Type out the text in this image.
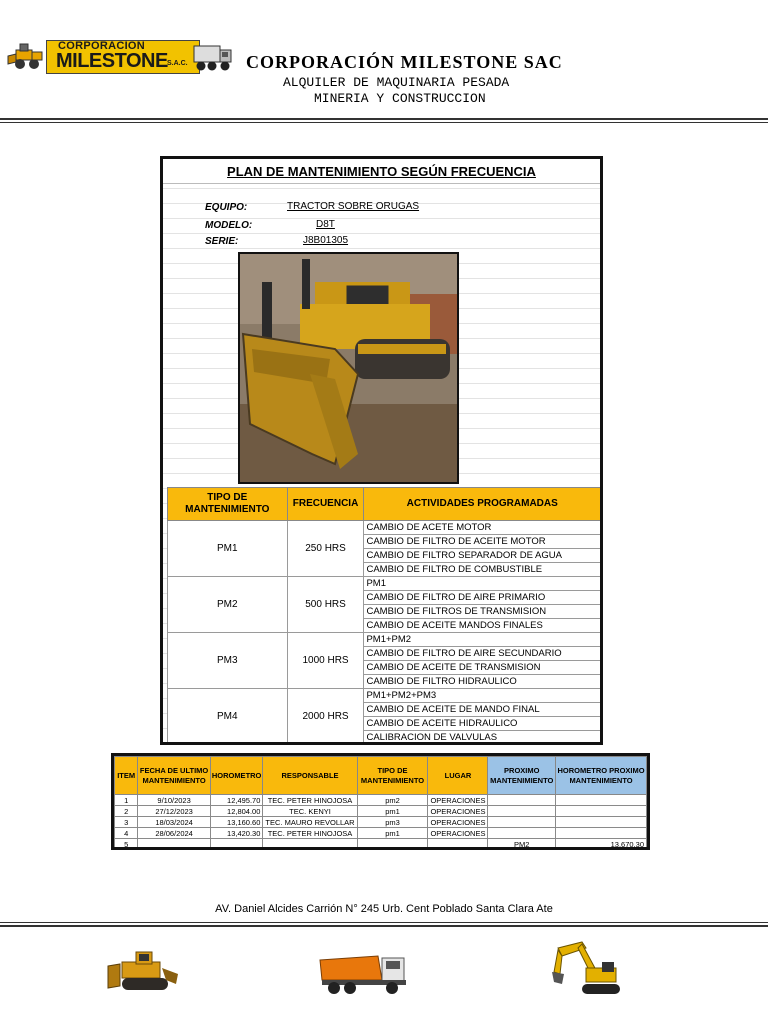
CORPORACION
MILESTONE S.A.C.	CORPORACIÓN MILESTONE SAC
ALQUILER DE MAQUINARIA PESADA
MINERIA Y CONSTRUCCION
PLAN DE MANTENIMIENTO SEGÚN FRECUENCIA
EQUIPO:	TRACTOR SOBRE ORUGAS
MODELO:	D8T
SERIE:	J8B01305
TIPO DE MANTENIMIENTO	FRECUENCIA	ACTIVIDADES PROGRAMADAS
PM1	250 HRS	CAMBIO DE ACETE MOTOR
		CAMBIO DE FILTRO DE ACEITE MOTOR
		CAMBIO DE FILTRO SEPARADOR DE AGUA
		CAMBIO DE FILTRO DE COMBUSTIBLE
PM2	500 HRS	PM1
		CAMBIO DE FILTRO DE AIRE PRIMARIO
		CAMBIO DE FILTROS DE TRANSMISION
		CAMBIO DE ACEITE MANDOS FINALES
PM3	1000 HRS	PM1+PM2
		CAMBIO DE FILTRO DE AIRE SECUNDARIO
		CAMBIO DE ACEITE DE TRANSMISION
		CAMBIO DE FILTRO HIDRAULICO
PM4	2000 HRS	PM1+PM2+PM3
		CAMBIO DE ACEITE DE MANDO FINAL
		CAMBIO DE ACEITE HIDRAULICO
		CALIBRACION DE VALVULAS
ITEM	FECHA DE ULTIMO MANTENIMIENTO	HOROMETRO	RESPONSABLE	TIPO DE MANTENIMIENTO	LUGAR	PROXIMO MANTENIMIENTO	HOROMETRO PROXIMO MANTENIMIENTO
1	9/10/2023	12,495.70	TEC. PETER HINOJOSA	pm2	OPERACIONES		
2	27/12/2023	12,804.00	TEC. KENYI	pm1	OPERACIONES		
3	18/03/2024	13,160.60	TEC. MAURO REVOLLAR	pm3	OPERACIONES		
4	28/06/2024	13,420.30	TEC. PETER HINOJOSA	pm1	OPERACIONES		
5						PM2	13,670.30
AV. Daniel Alcides Carrión N° 245 Urb. Cent Poblado Santa Clara Ate
